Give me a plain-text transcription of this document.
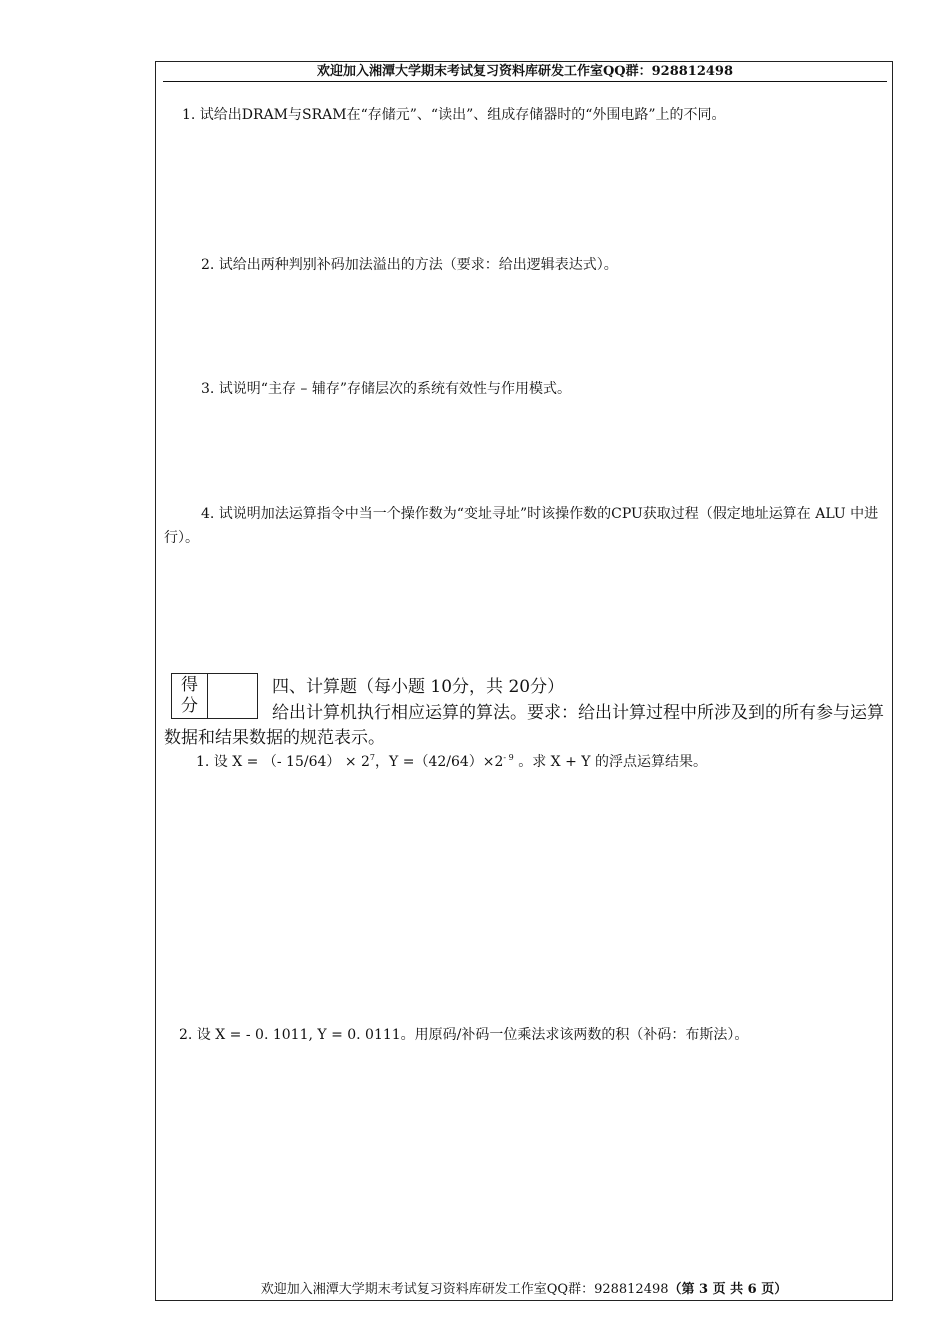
欢迎加入湘潭大学期末考试复习资料库研发工作室QQ群：928812498
1. 试给出DRAM与SRAM在“存储元”、“读出”、组成存储器时的“外围电路”上的不同。
2. 试给出两种判别补码加法溢出的方法（要求：给出逻辑表达式）。
3. 试说明“主存 – 辅存”存储层次的系统有效性与作用模式。
4. 试说明加法运算指令中当一个操作数为“变址寻址”时该操作数的CPU获取过程（假定地址运算在 ALU 中进行）。
得
分
四、计算题（每小题 10分，共 20分）
给出计算机执行相应运算的算法。要求：给出计算过程中所涉及到的所有参与运算数据和结果数据的规范表示。
1. 设 X = （- $15/64) \times 2^7$，$Y =(42/64)\times 2^{- 9}$ 。求 X + Y 的浮点运算结果。
2. 设 X = - 0. 1011, Y = 0. 0111。用原码/补码一位乘法求该两数的积（补码：布斯法）。
欢迎加入湘潭大学期末考试复习资料库研发工作室QQ群：928812498（第 3 页 共 6 页）
